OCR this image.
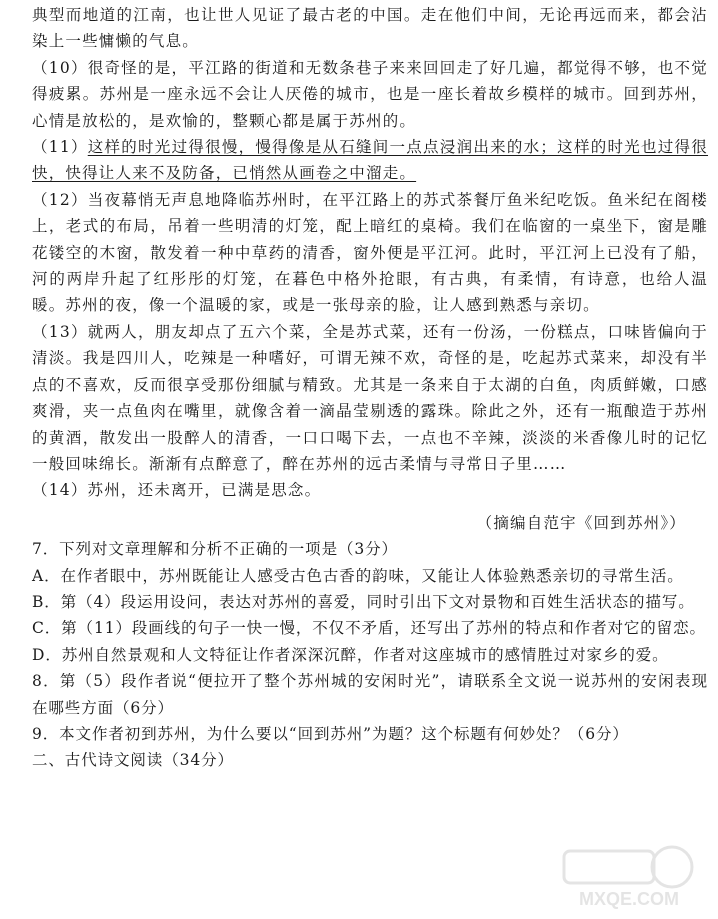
典型而地道的江南，也让世人见证了最古老的中国。走在他们中间，无论再远而来，都会沾染上一些慵懒的气息。

（10）很奇怪的是，平江路的街道和无数条巷子来来回回走了好几遍，都觉得不够，也不觉得疲累。苏州是一座永远不会让人厌倦的城市，也是一座长着故乡模样的城市。回到苏州，心情是放松的，是欢愉的，整颗心都是属于苏州的。

（11）这样的时光过得很慢，慢得像是从石缝间一点点浸润出来的水；这样的时光也过得很快，快得让人来不及防备，已悄然从画卷之中溜走。

（12）当夜幕悄无声息地降临苏州时，在平江路上的苏式茶餐厅鱼米纪吃饭。鱼米纪在阁楼上，老式的布局，吊着一些明清的灯笼，配上暗红的桌椅。我们在临窗的一桌坐下，窗是雕花镂空的木窗，散发着一种中草药的清香，窗外便是平江河。此时，平江河上已没有了船，河的两岸升起了红彤彤的灯笼，在暮色中格外抢眼，有古典，有柔情，有诗意，也给人温暖。苏州的夜，像一个温暖的家，或是一张母亲的脸，让人感到熟悉与亲切。

（13）就两人，朋友却点了五六个菜，全是苏式菜，还有一份汤，一份糕点，口味皆偏向于清淡。我是四川人，吃辣是一种嗜好，可谓无辣不欢，奇怪的是，吃起苏式菜来，却没有半点的不喜欢，反而很享受那份细腻与精致。尤其是一条来自于太湖的白鱼，肉质鲜嫩，口感爽滑，夹一点鱼肉在嘴里，就像含着一滴晶莹剔透的露珠。除此之外，还有一瓶酿造于苏州的黄酒，散发出一股醉人的清香，一口口喝下去，一点也不辛辣，淡淡的米香像儿时的记忆一般回味绵长。渐渐有点醉意了，醉在苏州的远古柔情与寻常日子里……

（14）苏州，还未离开，已满是思念。

（摘编自范宇《回到苏州》）

7．下列对文章理解和分析不正确的一项是（3分）

A．在作者眼中，苏州既能让人感受古色古香的韵味，又能让人体验熟悉亲切的寻常生活。

B．第（4）段运用设问，表达对苏州的喜爱，同时引出下文对景物和百姓生活状态的描写。

C．第（11）段画线的句子一快一慢，不仅不矛盾，还写出了苏州的特点和作者对它的留恋。

D．苏州自然景观和人文特征让作者深深沉醉，作者对这座城市的感情胜过对家乡的爱。

8．第（5）段作者说“便拉开了整个苏州城的安闲时光”，请联系全文说一说苏州的安闲表现在哪些方面（6分）

9．本文作者初到苏州，为什么要以“回到苏州”为题？这个标题有何妙处？（6分）

二、古代诗文阅读（34分）

MXQE.COM
